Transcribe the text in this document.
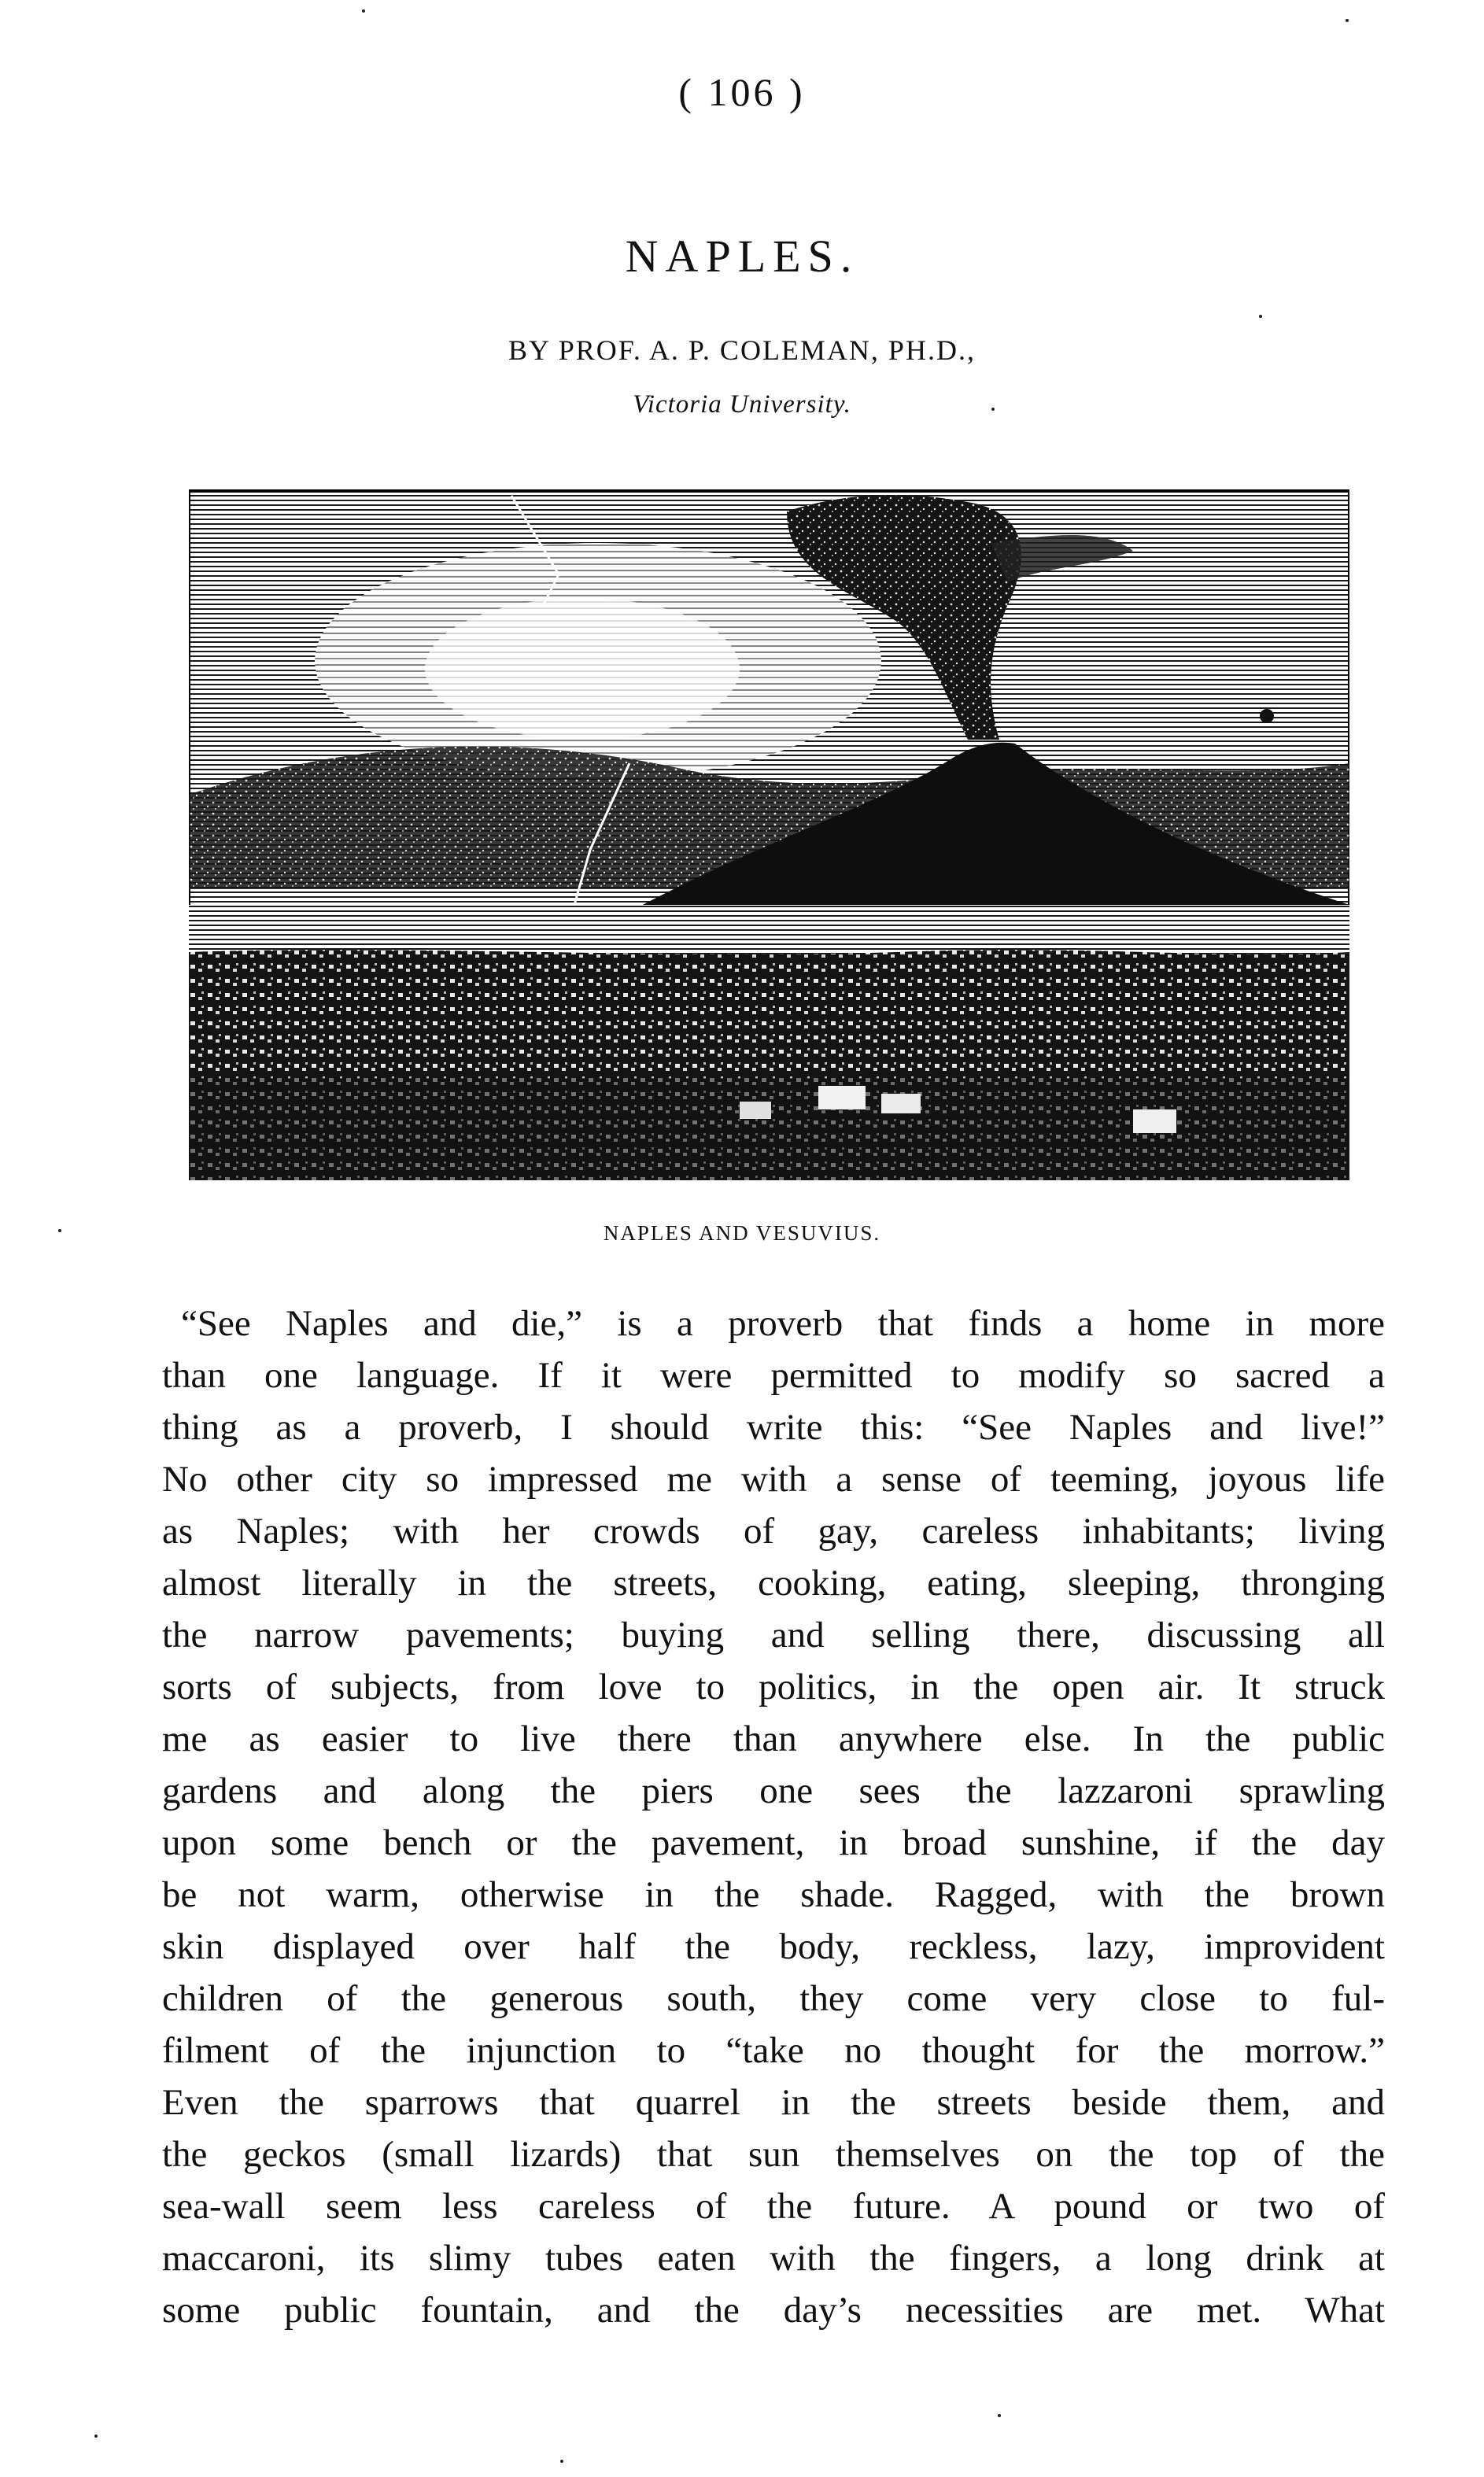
( 106 )
NAPLES.
BY PROF. A. P. COLEMAN, PH.D.,
Victoria University.
NAPLES AND VESUVIUS.
“See Naples and die,” is a proverb that finds a home in more
than one language. If it were permitted to modify so sacred a
thing as a proverb, I should write this: “See Naples and live!”
No other city so impressed me with a sense of teeming, joyous life
as Naples; with her crowds of gay, careless inhabitants; living
almost literally in the streets, cooking, eating, sleeping, thronging
the narrow pavements; buying and selling there, discussing all
sorts of subjects, from love to politics, in the open air. It struck
me as easier to live there than anywhere else. In the public
gardens and along the piers one sees the lazzaroni sprawling
upon some bench or the pavement, in broad sunshine, if the day
be not warm, otherwise in the shade. Ragged, with the brown
skin displayed over half the body, reckless, lazy, improvident
children of the generous south, they come very close to ful-
filment of the injunction to “take no thought for the morrow.”
Even the sparrows that quarrel in the streets beside them, and
the geckos (small lizards) that sun themselves on the top of the
sea-wall seem less careless of the future. A pound or two of
maccaroni, its slimy tubes eaten with the fingers, a long drink at
some public fountain, and the day’s necessities are met. What
